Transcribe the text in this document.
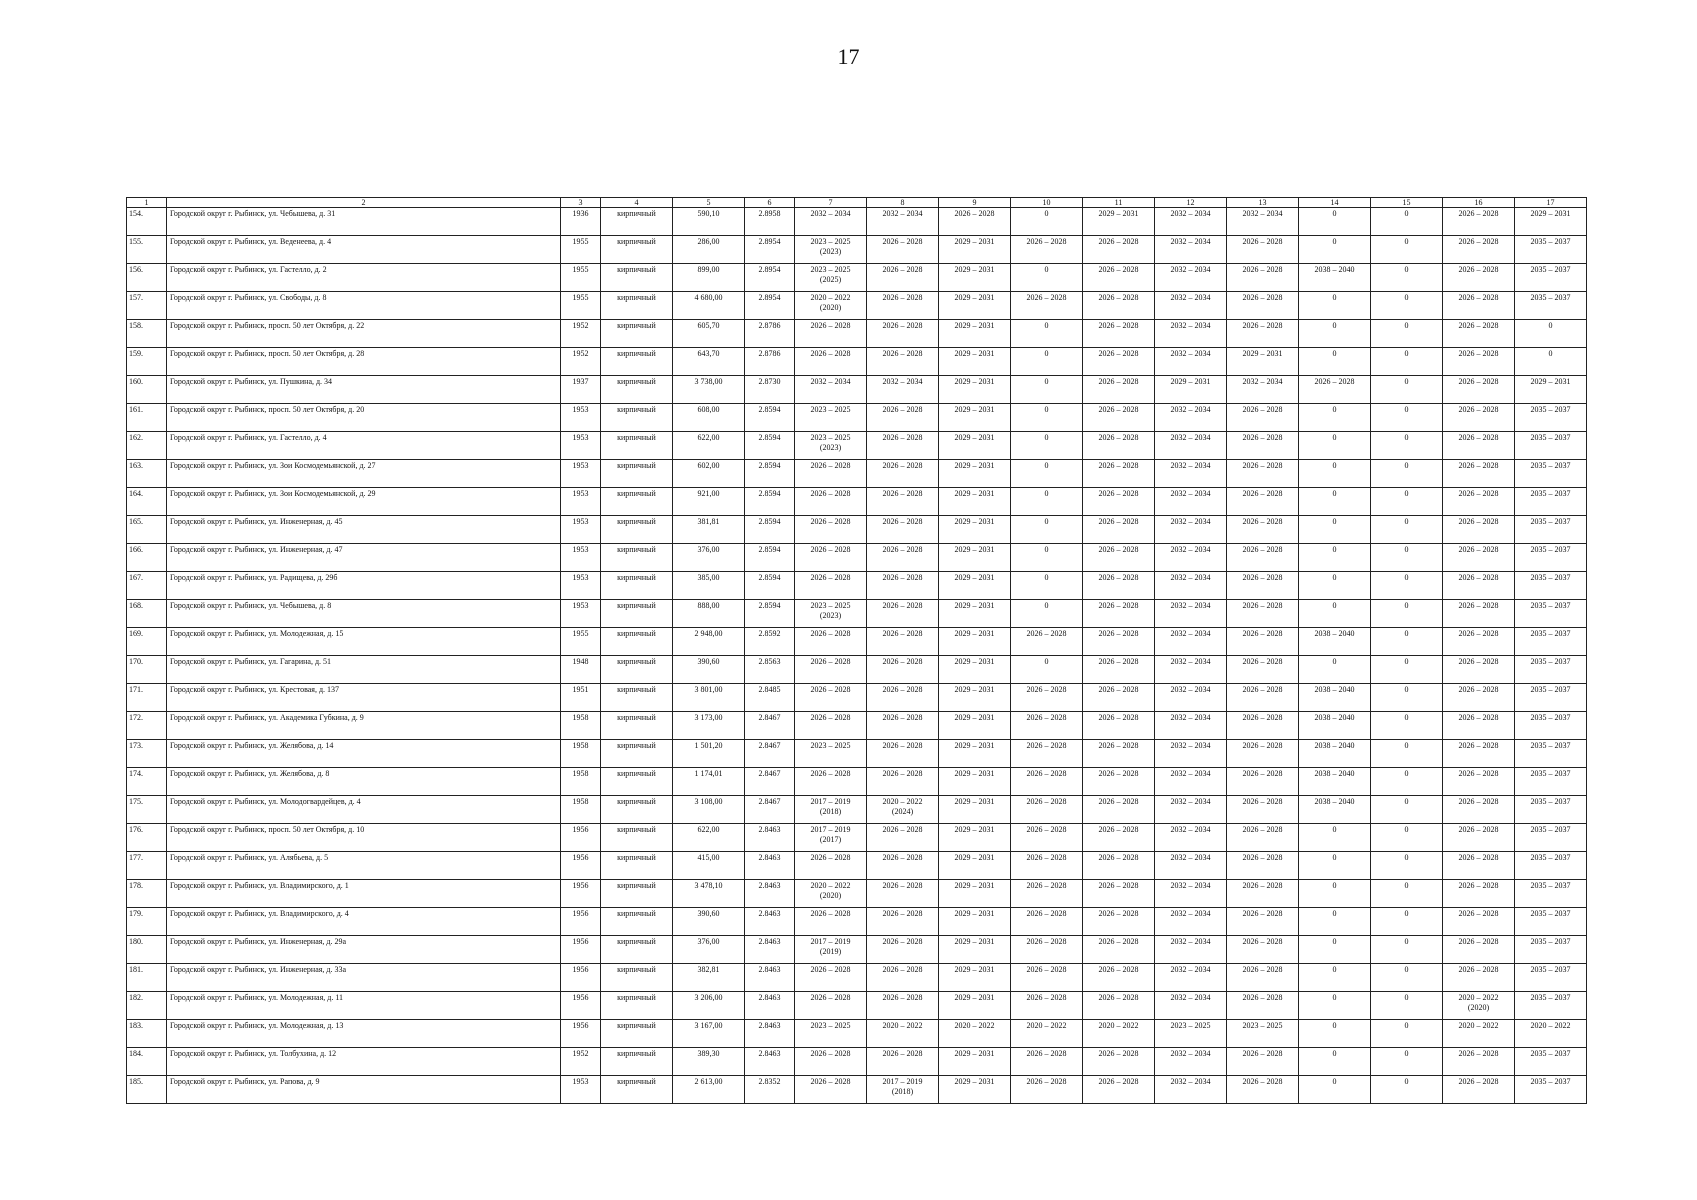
17
1	2	3	4	5	6	7	8	9	10	11	12	13	14	15	16	17

154.	Городской округ г. Рыбинск, ул. Чебышева, д. 31	1936	кирпичный	590,10	2.8958	2032 – 2034	2032 – 2034	2026 – 2028	0	2029 – 2031	2032 – 2034	2032 – 2034	0	0	2026 – 2028	2029 – 2031

155.	Городской округ г. Рыбинск, ул. Веденеева, д. 4	1955	кирпичный	286,00	2.8954	2023 – 2025
(2023)	2026 – 2028	2029 – 2031	2026 – 2028	2026 – 2028	2032 – 2034	2026 – 2028	0	0	2026 – 2028	2035 – 2037

156.	Городской округ г. Рыбинск, ул. Гастелло, д. 2	1955	кирпичный	899,00	2.8954	2023 – 2025
(2025)	2026 – 2028	2029 – 2031	0	2026 – 2028	2032 – 2034	2026 – 2028	2038 – 2040	0	2026 – 2028	2035 – 2037

157.	Городской округ г. Рыбинск, ул. Свободы, д. 8	1955	кирпичный	4 680,00	2.8954	2020 – 2022
(2020)	2026 – 2028	2029 – 2031	2026 – 2028	2026 – 2028	2032 – 2034	2026 – 2028	0	0	2026 – 2028	2035 – 2037

158.	Городской округ г. Рыбинск, просп. 50 лет Октября, д. 22	1952	кирпичный	605,70	2.8786	2026 – 2028	2026 – 2028	2029 – 2031	0	2026 – 2028	2032 – 2034	2026 – 2028	0	0	2026 – 2028	0

159.	Городской округ г. Рыбинск, просп. 50 лет Октября, д. 28	1952	кирпичный	643,70	2.8786	2026 – 2028	2026 – 2028	2029 – 2031	0	2026 – 2028	2032 – 2034	2029 – 2031	0	0	2026 – 2028	0

160.	Городской округ г. Рыбинск, ул. Пушкина, д. 34	1937	кирпичный	3 738,00	2.8730	2032 – 2034	2032 – 2034	2029 – 2031	0	2026 – 2028	2029 – 2031	2032 – 2034	2026 – 2028	0	2026 – 2028	2029 – 2031

161.	Городской округ г. Рыбинск, просп. 50 лет Октября, д. 20	1953	кирпичный	608,00	2.8594	2023 – 2025	2026 – 2028	2029 – 2031	0	2026 – 2028	2032 – 2034	2026 – 2028	0	0	2026 – 2028	2035 – 2037

162.	Городской округ г. Рыбинск, ул. Гастелло, д. 4	1953	кирпичный	622,00	2.8594	2023 – 2025
(2023)	2026 – 2028	2029 – 2031	0	2026 – 2028	2032 – 2034	2026 – 2028	0	0	2026 – 2028	2035 – 2037

163.	Городской округ г. Рыбинск, ул. Зои Космодемьянской, д. 27	1953	кирпичный	602,00	2.8594	2026 – 2028	2026 – 2028	2029 – 2031	0	2026 – 2028	2032 – 2034	2026 – 2028	0	0	2026 – 2028	2035 – 2037

164.	Городской округ г. Рыбинск, ул. Зои Космодемьянской, д. 29	1953	кирпичный	921,00	2.8594	2026 – 2028	2026 – 2028	2029 – 2031	0	2026 – 2028	2032 – 2034	2026 – 2028	0	0	2026 – 2028	2035 – 2037

165.	Городской округ г. Рыбинск, ул. Инженерная, д. 45	1953	кирпичный	381,81	2.8594	2026 – 2028	2026 – 2028	2029 – 2031	0	2026 – 2028	2032 – 2034	2026 – 2028	0	0	2026 – 2028	2035 – 2037

166.	Городской округ г. Рыбинск, ул. Инженерная, д. 47	1953	кирпичный	376,00	2.8594	2026 – 2028	2026 – 2028	2029 – 2031	0	2026 – 2028	2032 – 2034	2026 – 2028	0	0	2026 – 2028	2035 – 2037

167.	Городской округ г. Рыбинск, ул. Радищева, д. 29б	1953	кирпичный	385,00	2.8594	2026 – 2028	2026 – 2028	2029 – 2031	0	2026 – 2028	2032 – 2034	2026 – 2028	0	0	2026 – 2028	2035 – 2037

168.	Городской округ г. Рыбинск, ул. Чебышева, д. 8	1953	кирпичный	888,00	2.8594	2023 – 2025
(2023)	2026 – 2028	2029 – 2031	0	2026 – 2028	2032 – 2034	2026 – 2028	0	0	2026 – 2028	2035 – 2037

169.	Городской округ г. Рыбинск, ул. Молодежная, д. 15	1955	кирпичный	2 948,00	2.8592	2026 – 2028	2026 – 2028	2029 – 2031	2026 – 2028	2026 – 2028	2032 – 2034	2026 – 2028	2038 – 2040	0	2026 – 2028	2035 – 2037

170.	Городской округ г. Рыбинск, ул. Гагарина, д. 51	1948	кирпичный	390,60	2.8563	2026 – 2028	2026 – 2028	2029 – 2031	0	2026 – 2028	2032 – 2034	2026 – 2028	0	0	2026 – 2028	2035 – 2037

171.	Городской округ г. Рыбинск, ул. Крестовая, д. 137	1951	кирпичный	3 801,00	2.8485	2026 – 2028	2026 – 2028	2029 – 2031	2026 – 2028	2026 – 2028	2032 – 2034	2026 – 2028	2038 – 2040	0	2026 – 2028	2035 – 2037

172.	Городской округ г. Рыбинск, ул. Академика Губкина, д. 9	1958	кирпичный	3 173,00	2.8467	2026 – 2028	2026 – 2028	2029 – 2031	2026 – 2028	2026 – 2028	2032 – 2034	2026 – 2028	2038 – 2040	0	2026 – 2028	2035 – 2037

173.	Городской округ г. Рыбинск, ул. Желябова, д. 14	1958	кирпичный	1 501,20	2.8467	2023 – 2025	2026 – 2028	2029 – 2031	2026 – 2028	2026 – 2028	2032 – 2034	2026 – 2028	2038 – 2040	0	2026 – 2028	2035 – 2037

174.	Городской округ г. Рыбинск, ул. Желябова, д. 8	1958	кирпичный	1 174,01	2.8467	2026 – 2028	2026 – 2028	2029 – 2031	2026 – 2028	2026 – 2028	2032 – 2034	2026 – 2028	2038 – 2040	0	2026 – 2028	2035 – 2037

175.	Городской округ г. Рыбинск, ул. Молодогвардейцев, д. 4	1958	кирпичный	3 108,00	2.8467	2017 – 2019
(2018)	2020 – 2022
(2024)	2029 – 2031	2026 – 2028	2026 – 2028	2032 – 2034	2026 – 2028	2038 – 2040	0	2026 – 2028	2035 – 2037

176.	Городской округ г. Рыбинск, просп. 50 лет Октября, д. 10	1956	кирпичный	622,00	2.8463	2017 – 2019
(2017)	2026 – 2028	2029 – 2031	2026 – 2028	2026 – 2028	2032 – 2034	2026 – 2028	0	0	2026 – 2028	2035 – 2037

177.	Городской округ г. Рыбинск, ул. Алябьева, д. 5	1956	кирпичный	415,00	2.8463	2026 – 2028	2026 – 2028	2029 – 2031	2026 – 2028	2026 – 2028	2032 – 2034	2026 – 2028	0	0	2026 – 2028	2035 – 2037

178.	Городской округ г. Рыбинск, ул. Владимирского, д. 1	1956	кирпичный	3 478,10	2.8463	2020 – 2022
(2020)	2026 – 2028	2029 – 2031	2026 – 2028	2026 – 2028	2032 – 2034	2026 – 2028	0	0	2026 – 2028	2035 – 2037

179.	Городской округ г. Рыбинск, ул. Владимирского, д. 4	1956	кирпичный	390,60	2.8463	2026 – 2028	2026 – 2028	2029 – 2031	2026 – 2028	2026 – 2028	2032 – 2034	2026 – 2028	0	0	2026 – 2028	2035 – 2037

180.	Городской округ г. Рыбинск, ул. Инженерная, д. 29а	1956	кирпичный	376,00	2.8463	2017 – 2019
(2019)	2026 – 2028	2029 – 2031	2026 – 2028	2026 – 2028	2032 – 2034	2026 – 2028	0	0	2026 – 2028	2035 – 2037

181.	Городской округ г. Рыбинск, ул. Инженерная, д. 33а	1956	кирпичный	382,81	2.8463	2026 – 2028	2026 – 2028	2029 – 2031	2026 – 2028	2026 – 2028	2032 – 2034	2026 – 2028	0	0	2026 – 2028	2035 – 2037

182.	Городской округ г. Рыбинск, ул. Молодежная, д. 11	1956	кирпичный	3 206,00	2.8463	2026 – 2028	2026 – 2028	2029 – 2031	2026 – 2028	2026 – 2028	2032 – 2034	2026 – 2028	0	0	2020 – 2022
(2020)	2035 – 2037

183.	Городской округ г. Рыбинск, ул. Молодежная, д. 13	1956	кирпичный	3 167,00	2.8463	2023 – 2025	2020 – 2022	2020 – 2022	2020 – 2022	2020 – 2022	2023 – 2025	2023 – 2025	0	0	2020 – 2022	2020 – 2022

184.	Городской округ г. Рыбинск, ул. Толбухина, д. 12	1952	кирпичный	389,30	2.8463	2026 – 2028	2026 – 2028	2029 – 2031	2026 – 2028	2026 – 2028	2032 – 2034	2026 – 2028	0	0	2026 – 2028	2035 – 2037

185.	Городской округ г. Рыбинск, ул. Рапова, д. 9	1953	кирпичный	2 613,00	2.8352	2026 – 2028	2017 – 2019
(2018)	2029 – 2031	2026 – 2028	2026 – 2028	2032 – 2034	2026 – 2028	0	0	2026 – 2028	2035 – 2037
